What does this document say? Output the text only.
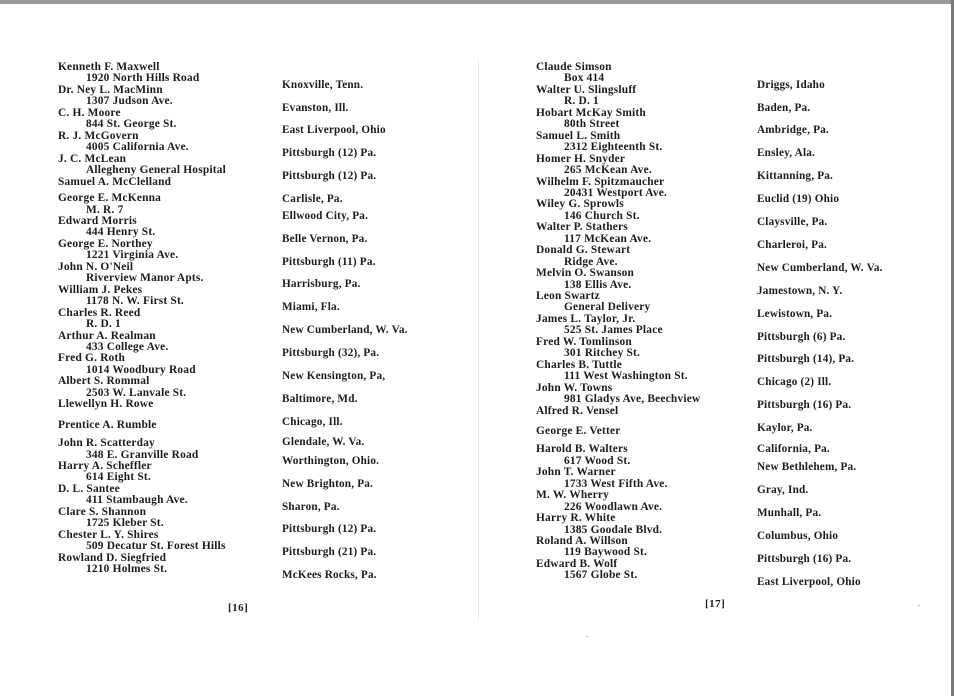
Kenneth F. Maxwell
1920 North Hills Road
Dr. Ney L. MacMinn
1307 Judson Ave.
C. H. Moore
844 St. George St.
R. J. McGovern
4005 California Ave.
J. C. McLean
Allegheny General Hospital
Samuel A. McClelland
George E. McKenna
M. R. 7
Edward Morris
444 Henry St.
George E. Northey
1221 Virginia Ave.
John N. O'Neil
Riverview Manor Apts.
William J. Pekes
1178 N. W. First St.
Charles R. Reed
R. D. 1
Arthur A. Realman
433 College Ave.
Fred G. Roth
1014 Woodbury Road
Albert S. Rommal
2503 W. Lanvale St.
Llewellyn H. Rowe
Prentice A. Rumble
John R. Scatterday
348 E. Granville Road
Harry A. Scheffler
614 Eight St.
D. L. Santee
411 Stambaugh Ave.
Clare S. Shannon
1725 Kleber St.
Chester L. Y. Shires
509 Decatur St. Forest Hills
Rowland D. Siegfried
1210 Holmes St.
Knoxville, Tenn.
Evanston, Ill.
East Liverpool, Ohio
Pittsburgh (12) Pa.
Pittsburgh (12) Pa.
Carlisle, Pa.
Ellwood City, Pa.
Belle Vernon, Pa.
Pittsburgh (11) Pa.
Harrisburg, Pa.
Miami, Fla.
New Cumberland, W. Va.
Pittsburgh (32), Pa.
New Kensington, Pa,
Baltimore, Md.
Chicago, Ill.
Glendale, W. Va.
Worthington, Ohio.
New Brighton, Pa.
Sharon, Pa.
Pittsburgh (12) Pa.
Pittsburgh (21) Pa.
McKees Rocks, Pa.
Claude Simson
Box 414
Walter U. Slingsluff
R. D. 1
Hobart McKay Smith
80th Street
Samuel L. Smith
2312 Eighteenth St.
Homer H. Snyder
265 McKean Ave.
Wilhelm F. Spitzmaucher
20431 Westport Ave.
Wiley G. Sprowls
146 Church St.
Walter P. Stathers
117 McKean Ave.
Donald G. Stewart
Ridge Ave.
Melvin O. Swanson
138 Ellis Ave.
Leon Swartz
General Delivery
James L. Taylor, Jr.
525 St. James Place
Fred W. Tomlinson
301 Ritchey St.
Charles B. Tuttle
111 West Washington St.
John W. Towns
981 Gladys Ave, Beechview
Alfred R. Vensel
George E. Vetter
Harold B. Walters
617 Wood St.
John T. Warner
1733 West Fifth Ave.
M. W. Wherry
226 Woodlawn Ave.
Harry R. White
1385 Goodale Blvd.
Roland A. Willson
119 Baywood St.
Edward B. Wolf
1567 Globe St.
Driggs, Idaho
Baden, Pa.
Ambridge, Pa.
Ensley, Ala.
Kittanning, Pa.
Euclid (19) Ohio
Claysville, Pa.
Charleroi, Pa.
New Cumberland, W. Va.
Jamestown, N. Y.
Lewistown, Pa.
Pittsburgh (6) Pa.
Pittsburgh (14), Pa.
Chicago (2) Ill.
Pittsburgh (16) Pa.
Kaylor, Pa.
California, Pa.
New Bethlehem, Pa.
Gray, Ind.
Munhall, Pa.
Columbus, Ohio
Pittsburgh (16) Pa.
East Liverpool, Ohio
[16]	[17]
